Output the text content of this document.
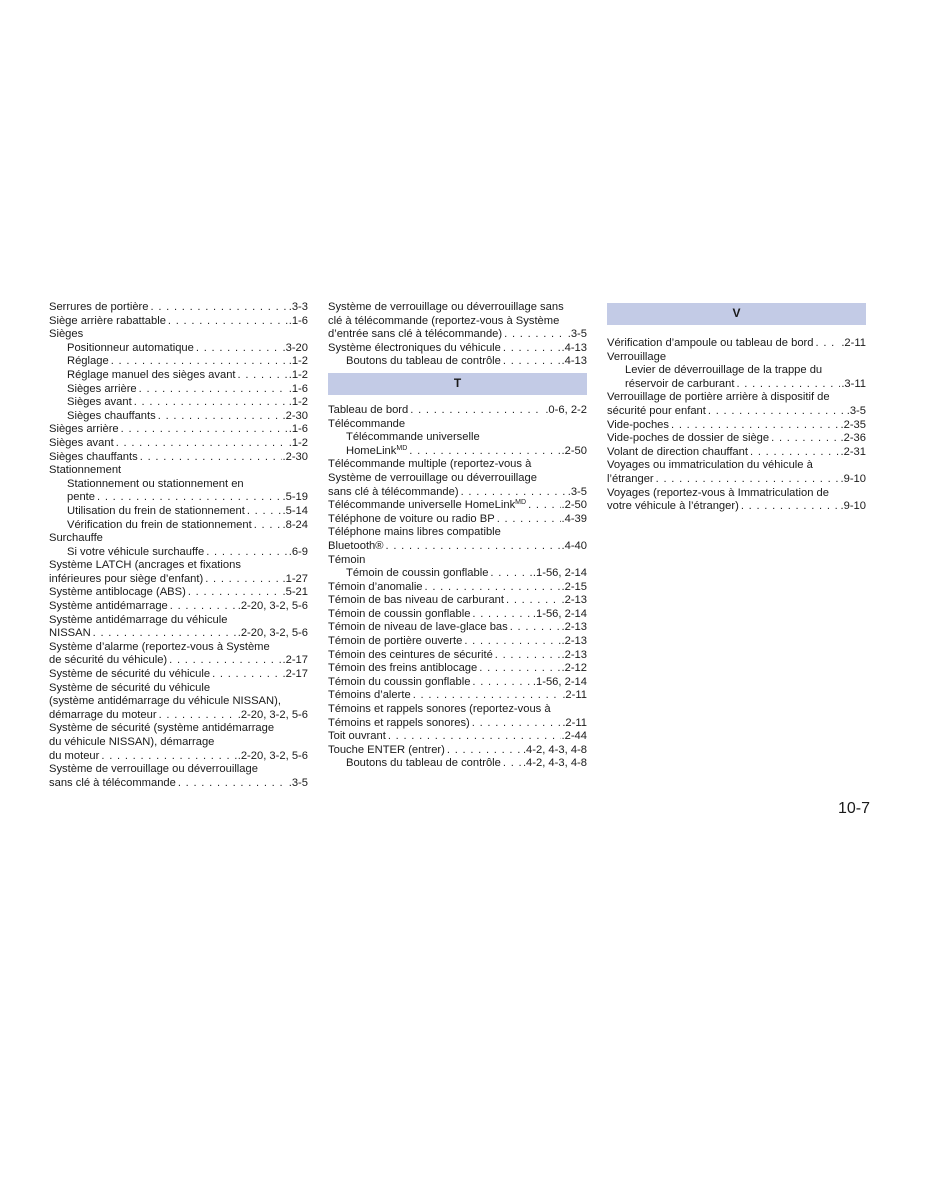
Serrures de portière . . .	.3-3
Siège arrière rabattable . . .	.1-6
Sièges
Positionneur automatique . . .	.3-20
Réglage . . .	.1-2
Réglage manuel des sièges avant . . .	.1-2
Sièges arrière . . .	.1-6
Sièges avant . . .	.1-2
Sièges chauffants . . .	.2-30
Sièges arrière . . .	.1-6
Sièges avant . . .	.1-2
Sièges chauffants . . .	.2-30
Stationnement
Stationnement ou stationnement en
pente . . .	.5-19
Utilisation du frein de stationnement . . .	.5-14
Vérification du frein de stationnement . . .	.8-24
Surchauffe
Si votre véhicule surchauffe . . .	.6-9
Système LATCH (ancrages et fixations
inférieures pour siège d’enfant) . . .	.1-27
Système antiblocage (ABS) . . .	.5-21
Système antidémarrage . . .	.2-20, 3-2, 5-6
Système antidémarrage du véhicule
NISSAN . . .	.2-20, 3-2, 5-6
Système d’alarme (reportez-vous à Système
de sécurité du véhicule) . . .	.2-17
Système de sécurité du véhicule . . .	.2-17
Système de sécurité du véhicule
(système antidémarrage du véhicule NISSAN),
démarrage du moteur . . .	.2-20, 3-2, 5-6
Système de sécurité (système antidémarrage
du véhicule NISSAN), démarrage
du moteur . . .	.2-20, 3-2, 5-6
Système de verrouillage ou déverrouillage
sans clé à télécommande . . .	.3-5
Système de verrouillage ou déverrouillage sans
clé à télécommande (reportez-vous à Système
d’entrée sans clé à télécommande) . . .	.3-5
Système électroniques du véhicule . . .	.4-13
Boutons du tableau de contrôle . . .	.4-13
T
Tableau de bord . . .	.0-6, 2-2
Télécommande
Télécommande universelle
HomeLink$^{MD}$ . . .	.2-50
Télécommande multiple (reportez-vous à
Système de verrouillage ou déverrouillage
sans clé à télécommande) . . .	.3-5
Télécommande universelle HomeLink$^{MD}$ . . .	.2-50
Téléphone de voiture ou radio BP . . .	.4-39
Téléphone mains libres compatible
Bluetooth® . . .	.4-40
Témoin
Témoin de coussin gonflable . . .	.1-56, 2-14
Témoin d’anomalie . . .	.2-15
Témoin de bas niveau de carburant . . .	.2-13
Témoin de coussin gonflable . . .	.1-56, 2-14
Témoin de niveau de lave-glace bas . . .	.2-13
Témoin de portière ouverte . . .	.2-13
Témoin des ceintures de sécurité . . .	.2-13
Témoin des freins antiblocage . . .	.2-12
Témoin du coussin gonflable . . .	.1-56, 2-14
Témoins d’alerte . . .	.2-11
Témoins et rappels sonores (reportez-vous à
Témoins et rappels sonores) . . .	.2-11
Toit ouvrant . . .	.2-44
Touche ENTER (entrer) . . .	.4-2, 4-3, 4-8
Boutons du tableau de contrôle . . . .4-2, 4-3, 4-8
V
Vérification d’ampoule ou tableau de bord . . . .2-11
Verrouillage
Levier de déverrouillage de la trappe du
réservoir de carburant . . .	.3-11
Verrouillage de portière arrière à dispositif de
sécurité pour enfant . . .	.3-5
Vide-poches . . .	.2-35
Vide-poches de dossier de siège . . .	.2-36
Volant de direction chauffant . . .	.2-31
Voyages ou immatriculation du véhicule à
l’étranger . . .	.9-10
Voyages (reportez-vous à Immatriculation de
votre véhicule à l’étranger) . . .	.9-10
10-7
